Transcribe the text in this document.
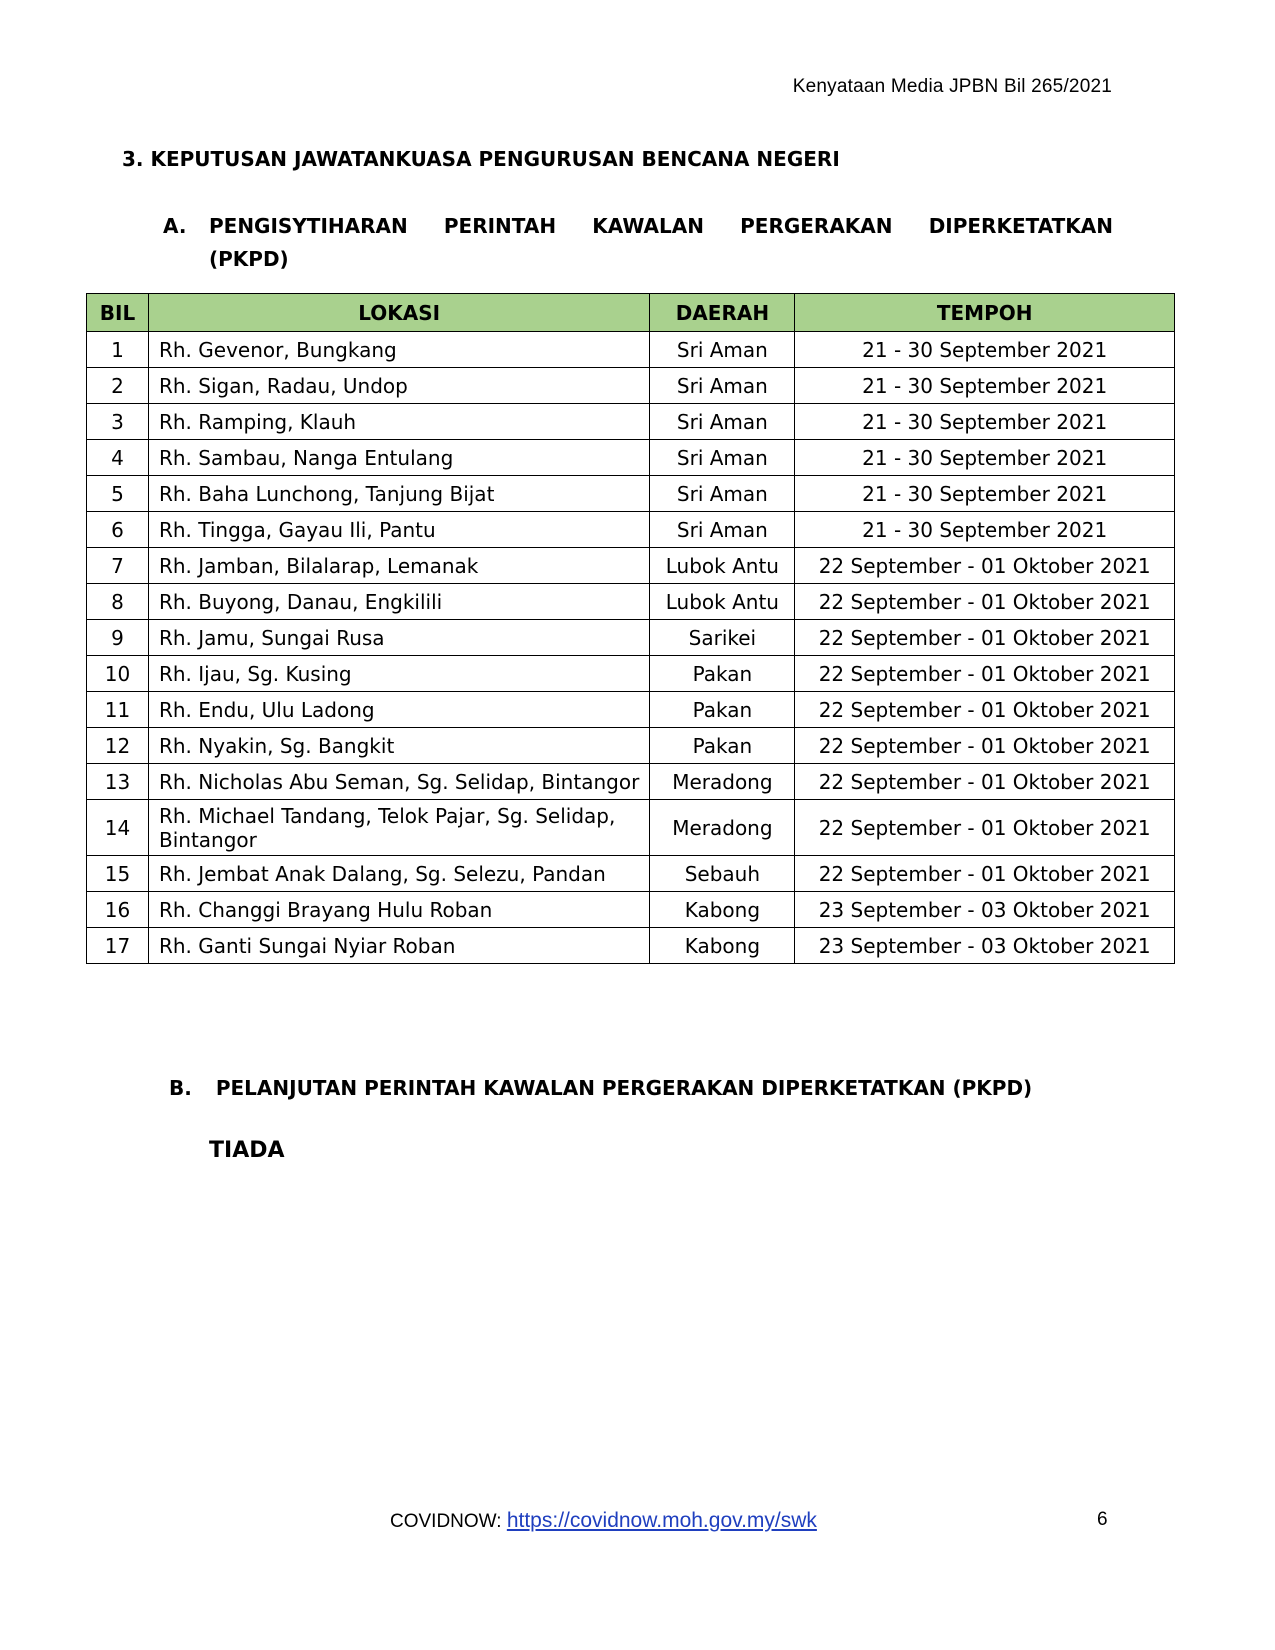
Kenyataan Media JPBN Bil 265/2021
3. KEPUTUSAN JAWATANKUASA PENGURUSAN BENCANA NEGERI
A. PENGISYTIHARAN PERINTAH KAWALAN PERGERAKAN DIPERKETATKAN
(PKPD)
BIL	LOKASI	DAERAH	TEMPOH
1	Rh. Gevenor, Bungkang	Sri Aman	21 - 30 September 2021
2	Rh. Sigan, Radau, Undop	Sri Aman	21 - 30 September 2021
3	Rh. Ramping, Klauh	Sri Aman	21 - 30 September 2021
4	Rh. Sambau, Nanga Entulang	Sri Aman	21 - 30 September 2021
5	Rh. Baha Lunchong, Tanjung Bijat	Sri Aman	21 - 30 September 2021
6	Rh. Tingga, Gayau Ili, Pantu	Sri Aman	21 - 30 September 2021
7	Rh. Jamban, Bilalarap, Lemanak	Lubok Antu	22 September - 01 Oktober 2021
8	Rh. Buyong, Danau, Engkilili	Lubok Antu	22 September - 01 Oktober 2021
9	Rh. Jamu, Sungai Rusa	Sarikei	22 September - 01 Oktober 2021
10	Rh. Ijau, Sg. Kusing	Pakan	22 September - 01 Oktober 2021
11	Rh. Endu, Ulu Ladong	Pakan	22 September - 01 Oktober 2021
12	Rh. Nyakin, Sg. Bangkit	Pakan	22 September - 01 Oktober 2021
13	Rh. Nicholas Abu Seman, Sg. Selidap, Bintangor	Meradong	22 September - 01 Oktober 2021
14	Rh. Michael Tandang, Telok Pajar, Sg. Selidap, Bintangor	Meradong	22 September - 01 Oktober 2021
15	Rh. Jembat Anak Dalang, Sg. Selezu, Pandan	Sebauh	22 September - 01 Oktober 2021
16	Rh. Changgi Brayang Hulu Roban	Kabong	23 September - 03 Oktober 2021
17	Rh. Ganti Sungai Nyiar Roban	Kabong	23 September - 03 Oktober 2021
B. PELANJUTAN PERINTAH KAWALAN PERGERAKAN DIPERKETATKAN (PKPD)
TIADA
COVIDNOW: https://covidnow.moh.gov.my/swk	6
